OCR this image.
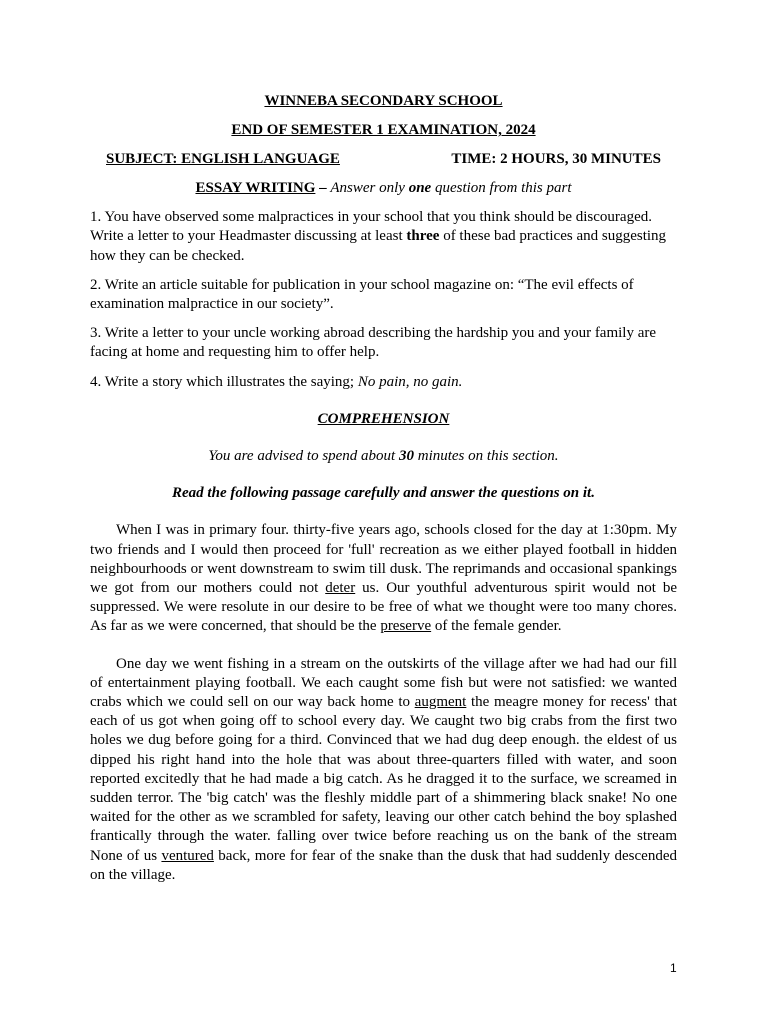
WINNEBA SECONDARY SCHOOL

END OF SEMESTER 1 EXAMINATION, 2024

SUBJECT: ENGLISH LANGUAGE	TIME: 2 HOURS, 30 MINUTES

ESSAY WRITING – Answer only one question from this part

1. You have observed some malpractices in your school that you think should be discouraged. Write a letter to your Headmaster discussing at least three of these bad practices and suggesting how they can be checked.

2. Write an article suitable for publication in your school magazine on: “The evil effects of examination malpractice in our society”.

3. Write a letter to your uncle working abroad describing the hardship you and your family are facing at home and requesting him to offer help.

4. Write a story which illustrates the saying; No pain, no gain.

COMPREHENSION

You are advised to spend about 30 minutes on this section.

Read the following passage carefully and answer the questions on it.

When I was in primary four. thirty-five years ago, schools closed for the day at 1:30pm. My two friends and I would then proceed for 'full' recreation as we either played football in hidden neighbourhoods or went downstream to swim till dusk. The reprimands and occasional spankings we got from our mothers could not deter us. Our youthful adventurous spirit would not be suppressed. We were resolute in our desire to be free of what we thought were too many chores. As far as we were concerned, that should be the preserve of the female gender.

One day we went fishing in a stream on the outskirts of the village after we had had our fill of entertainment playing football. We each caught some fish but were not satisfied: we wanted crabs which we could sell on our way back home to augment the meagre money for recess' that each of us got when going off to school every day. We caught two big crabs from the first two holes we dug before going for a third. Convinced that we had dug deep enough. the eldest of us dipped his right hand into the hole that was about three-quarters filled with water, and soon reported excitedly that he had made a big catch. As he dragged it to the surface, we screamed in sudden terror. The 'big catch' was the fleshly middle part of a shimmering black snake! No one waited for the other as we scrambled for safety, leaving our other catch behind the boy splashed frantically through the water. falling over twice before reaching us on the bank of the stream None of us ventured back, more for fear of the snake than the dusk that had suddenly descended on the village.

1
